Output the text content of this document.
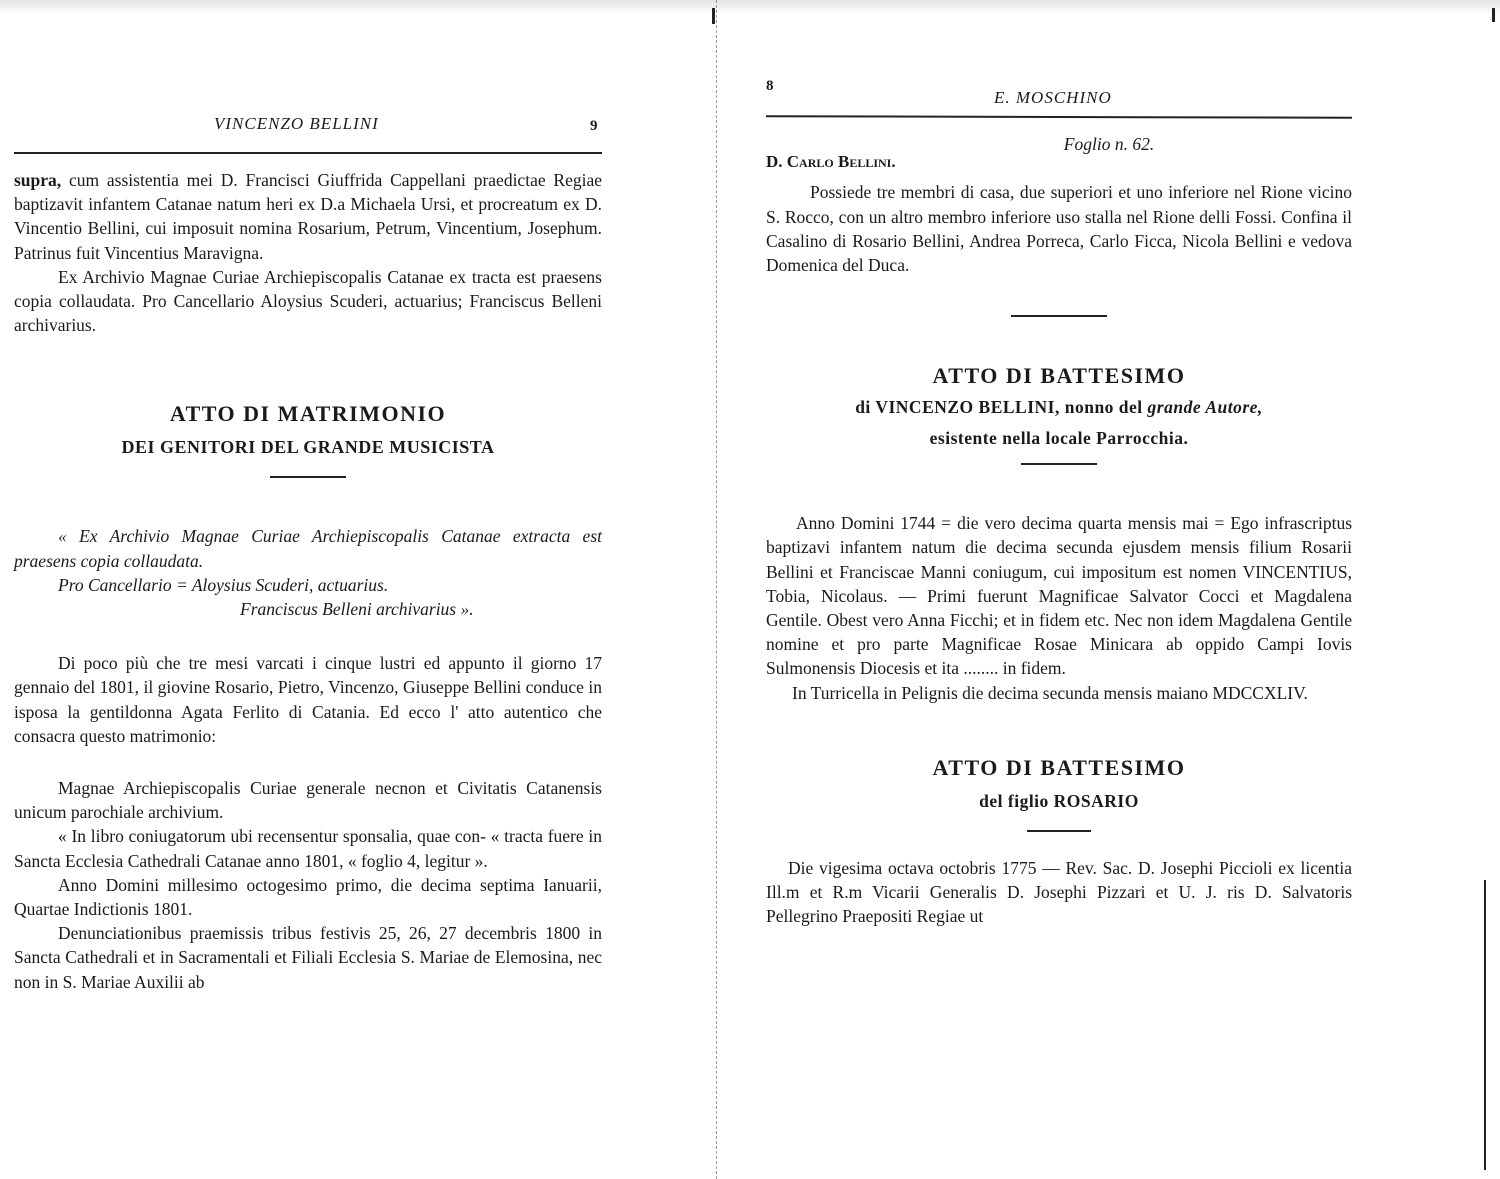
VINCENZO BELLINI	9

supra, cum assistentia mei D. Francisci Giuffrida Cappellani praedictae Regiae baptizavit infantem Catanae natum heri ex D.a Michaela Ursi, et procreatum ex D. Vincentio Bellini, cui imposuit nomina Rosarium, Petrum, Vincentium, Josephum. Patrinus fuit Vincentius Maravigna.

Ex Archivio Magnae Curiae Archiepiscopalis Catanae ex tracta est praesens copia collaudata. Pro Cancellario Aloysius Scuderi, actuarius; Franciscus Belleni archivarius.

ATTO DI MATRIMONIO
DEI GENITORI DEL GRANDE MUSICISTA

« Ex Archivio Magnae Curiae Archiepiscopalis Catanae extracta est praesens copia collaudata.

Pro Cancellario = Aloysius Scuderi, actuarius.

Franciscus Belleni archivarius ».

Di poco più che tre mesi varcati i cinque lustri ed appunto il giorno 17 gennaio del 1801, il giovine Rosario, Pietro, Vincenzo, Giuseppe Bellini conduce in isposa la gentildonna Agata Ferlito di Catania. Ed ecco l' atto autentico che consacra questo matrimonio:

Magnae Archiepiscopalis Curiae generale necnon et Civitatis Catanensis unicum parochiale archivium.

« In libro coniugatorum ubi recensentur sponsalia, quae con- « tracta fuere in Sancta Ecclesia Cathedrali Catanae anno 1801, « foglio 4, legitur ».

Anno Domini millesimo octogesimo primo, die decima septima Ianuarii, Quartae Indictionis 1801.

Denunciationibus praemissis tribus festivis 25, 26, 27 decembris 1800 in Sancta Cathedrali et in Sacramentali et Filiali Ecclesia S. Mariae de Elemosina, nec non in S. Mariae Auxilii ab

8
E. MOSCHINO

Foglio n. 62.

D. Carlo Bellini.

Possiede tre membri di casa, due superiori et uno inferiore nel Rione vicino S. Rocco, con un altro membro inferiore uso stalla nel Rione delli Fossi. Confina il Casalino di Rosario Bellini, Andrea Porreca, Carlo Ficca, Nicola Bellini e vedova Domenica del Duca.

ATTO DI BATTESIMO
di VINCENZO BELLINI, nonno del grande Autore,
esistente nella locale Parrocchia.

Anno Domini 1744 = die vero decima quarta mensis mai = Ego infrascriptus baptizavi infantem natum die decima secunda ejusdem mensis filium Rosarii Bellini et Franciscae Manni coniugum, cui impositum est nomen VINCENTIUS, Tobia, Nicolaus. — Primi fuerunt Magnificae Salvator Cocci et Magdalena Gentile. Obest vero Anna Ficchi; et in fidem etc. Nec non idem Magdalena Gentile nomine et pro parte Magnificae Rosae Minicara ab oppido Campi Iovis Sulmonensis Diocesis et ita ........ in fidem.

In Turricella in Pelignis die decima secunda mensis maiano MDCCXLIV.

ATTO DI BATTESIMO
del figlio ROSARIO

Die vigesima octava octobris 1775 — Rev. Sac. D. Josephi Piccioli ex licentia Ill.m et R.m Vicarii Generalis D. Josephi Pizzari et U. J. ris D. Salvatoris Pellegrino Praepositi Regiae ut
